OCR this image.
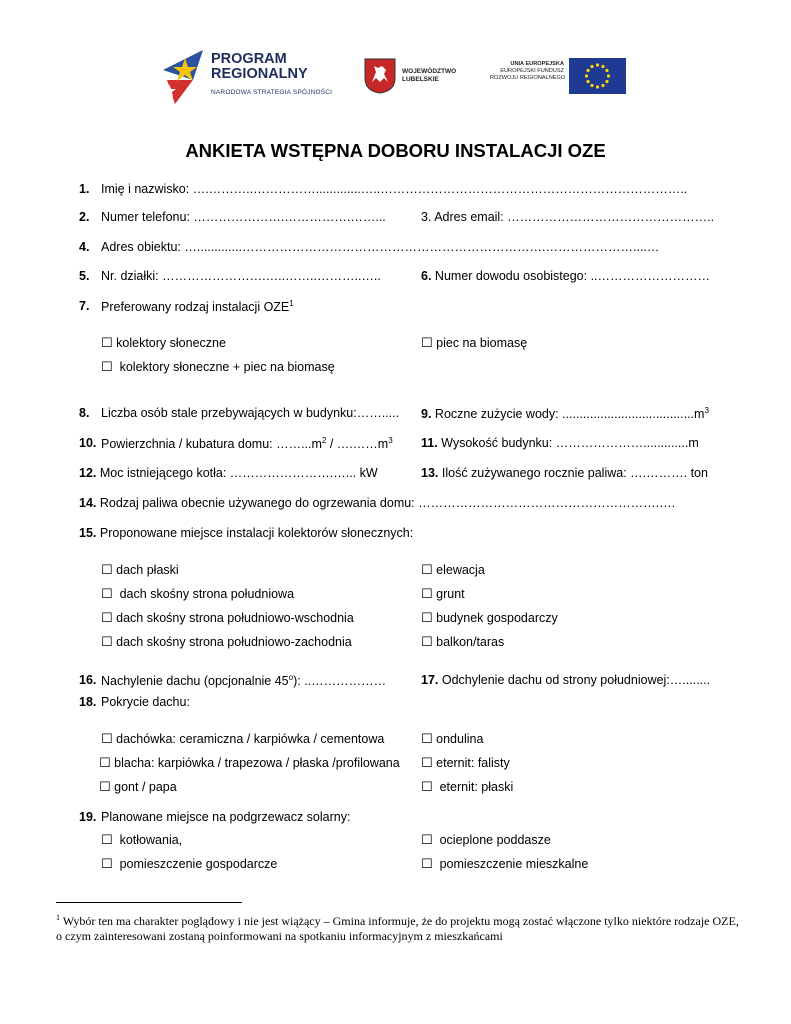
PROGRAM
REGIONALNY
NARODOWA STRATEGIA SPÓJNOŚCI
WOJEWÓDZTWO
LUBELSKIE
UNIA EUROPEJSKA
EUROPEJSKI FUNDUSZ
ROZWOJU REGIONALNEGO
ANKIETA WSTĘPNA DOBORU INSTALACJI OZE
1. Imię i nazwisko: ….………..…………….............…..………………………………………………………………..
2. Numer telefonu: ………………….…………….……...	3. Adres email: …………………………………………..
4. Adres obiektu: ….............……………………………………………………………….…………………....…
5. Nr. działki: …………………….…..……..………..…..	6. Numer dowodu osobistego: ..………………………
7. Preferowany rodzaj instalacji OZE$^1$
☐ kolektory słoneczne	☐ piec na biomasę
☐ kolektory słoneczne + piec na biomasę
8. Liczba osób stale przebywających w budynku:……..... 9. Roczne zużycie wody: $......................................m^3$
10. Powierzchnia / kubatura domu: $\dots\dots...m^2$ / $\dots.\dots\dots m^3$ 11. Wysokość budynku: ………………….............m
12. Moc istniejącego kotła: …………………….…... kW	13. Ilość zużywanego rocznie paliwa: ….………. ton
14. Rodzaj paliwa obecnie używanego do ogrzewania domu: ………………………………………………….….
15. Proponowane miejsce instalacji kolektorów słonecznych:
☐ dach płaski	☐ elewacja
☐ dach skośny strona południowa	☐ grunt
☐ dach skośny strona południowo-wschodnia	☐ budynek gospodarczy
☐ dach skośny strona południowo-zachodnia	☐ balkon/taras
16. Nachylenie dachu (opcjonalnie 45$^o$): ..………………	17. Odchylenie dachu od strony południowej:…........
18. Pokrycie dachu:
☐ dachówka: ceramiczna / karpiówka / cementowa	☐ ondulina
☐ blacha: karpiówka / trapezowa / płaska /profilowana ☐ eternit: falisty
☐ gont / papa	☐ eternit: płaski
19. Planowane miejsce na podgrzewacz solarny:
☐ kotłowania,	☐ ocieplone poddasze
☐ pomieszczenie gospodarcze	☐ pomieszczenie mieszkalne
$^1$ Wybór ten ma charakter poglądowy i nie jest wiążący – Gmina informuje, że do projektu mogą zostać włączone tylko niektóre rodzaje OZE, o czym zainteresowani zostaną poinformowani na spotkaniu informacyjnym z mieszkańcami
